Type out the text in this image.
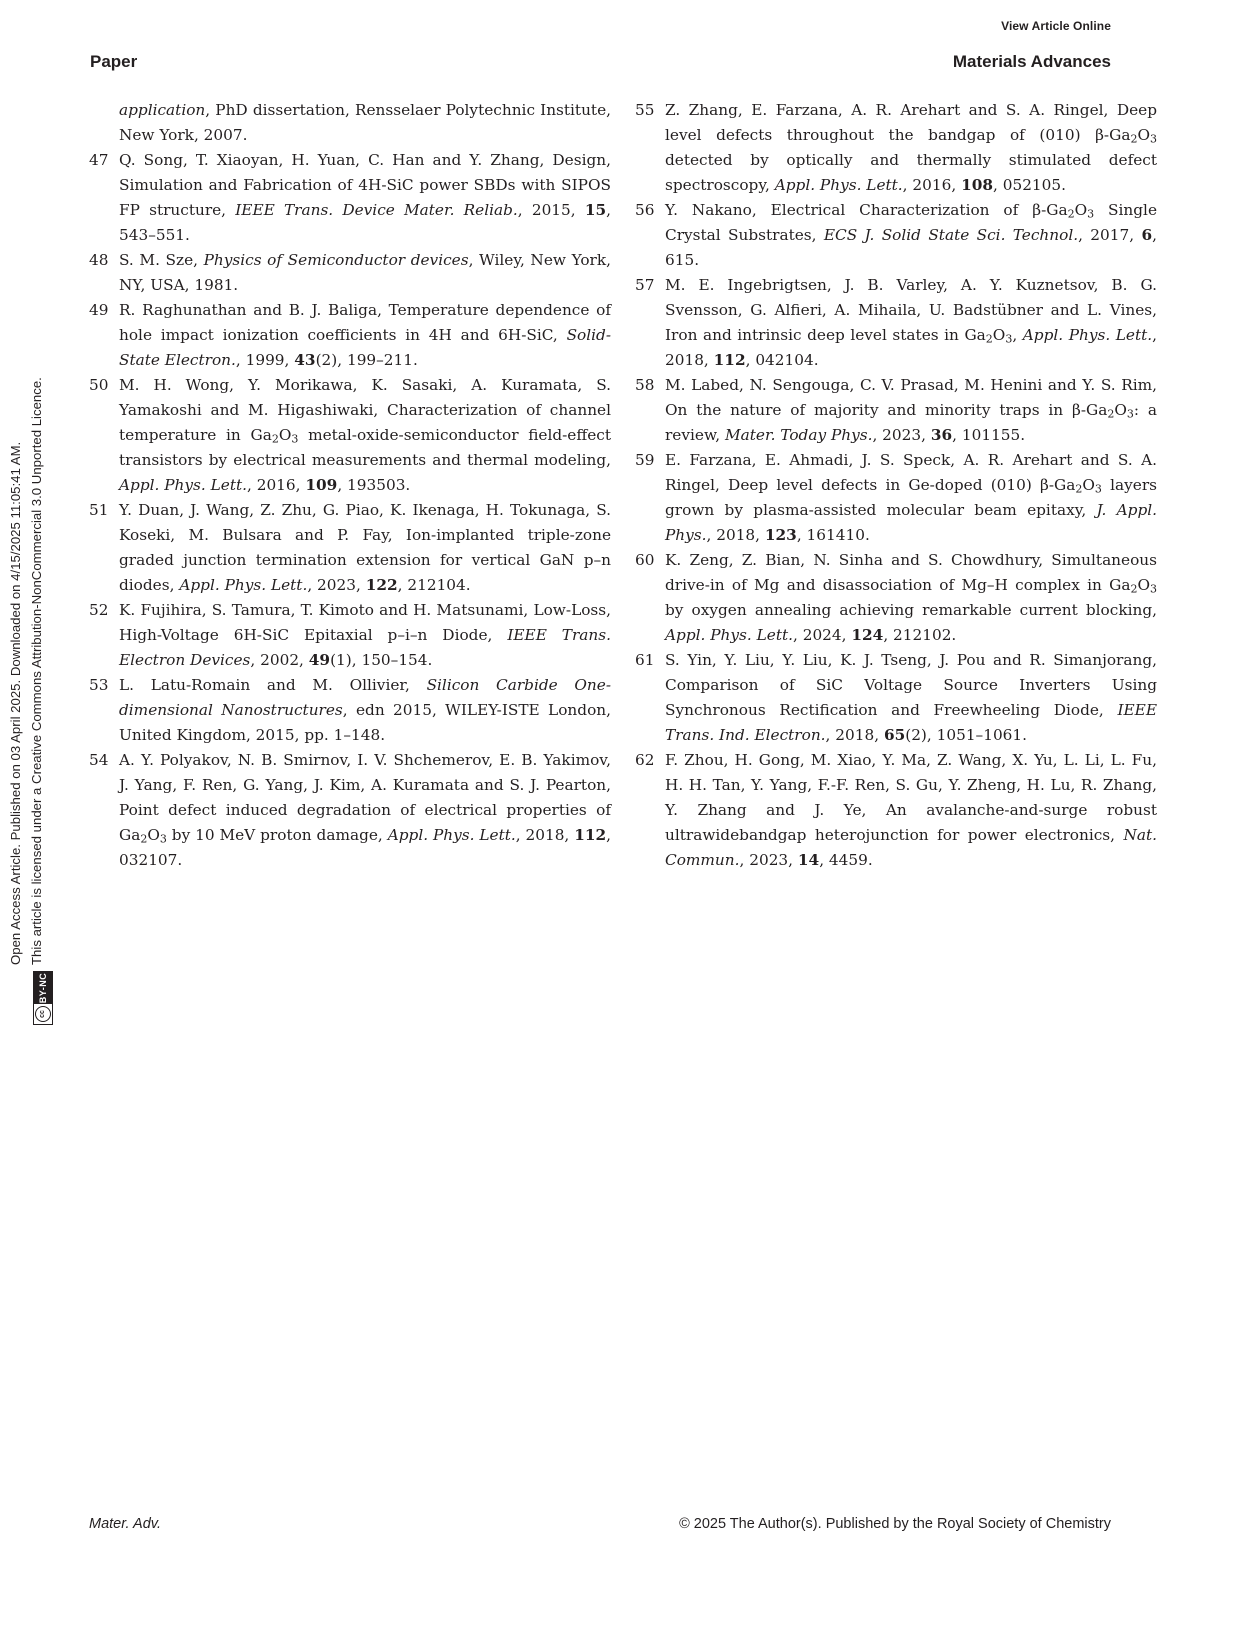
View Article Online
Paper	Materials Advances
cc
BY-NC
Open Access Article. Published on 03 April 2025. Downloaded on 4/15/2025 11:05:41 AM. This article is licensed under a Creative Commons Attribution-NonCommercial 3.0 Unported Licence.
application, PhD dissertation, Rensselaer Polytechnic Institute, New York, 2007.
47 Q. Song, T. Xiaoyan, H. Yuan, C. Han and Y. Zhang, Design, Simulation and Fabrication of 4H-SiC power SBDs with SIPOS FP structure, IEEE Trans. Device Mater. Reliab., 2015, 15, 543–551.
48 S. M. Sze, Physics of Semiconductor devices, Wiley, New York, NY, USA, 1981.
49 R. Raghunathan and B. J. Baliga, Temperature dependence of hole impact ionization coefficients in 4H and 6H-SiC, Solid-State Electron., 1999, 43(2), 199–211.
50 M. H. Wong, Y. Morikawa, K. Sasaki, A. Kuramata, S. Yamakoshi and M. Higashiwaki, Characterization of channel temperature in $Ga_2O_3$ metal-oxide-semiconductor field-effect transistors by electrical measurements and thermal modeling, Appl. Phys. Lett., 2016, 109, 193503.
51 Y. Duan, J. Wang, Z. Zhu, G. Piao, K. Ikenaga, H. Tokunaga, S. Koseki, M. Bulsara and P. Fay, Ion-implanted triple-zone graded junction termination extension for vertical GaN p–n diodes, Appl. Phys. Lett., 2023, 122, 212104.
52 K. Fujihira, S. Tamura, T. Kimoto and H. Matsunami, Low-Loss, High-Voltage 6H-SiC Epitaxial p–i–n Diode, IEEE Trans. Electron Devices, 2002, 49(1), 150–154.
53 L. Latu-Romain and M. Ollivier, Silicon Carbide One-dimensional Nanostructures, edn 2015, WILEY-ISTE London, United Kingdom, 2015, pp. 1–148.
54 A. Y. Polyakov, N. B. Smirnov, I. V. Shchemerov, E. B. Yakimov, J. Yang, F. Ren, G. Yang, J. Kim, A. Kuramata and S. J. Pearton, Point defect induced degradation of electrical properties of $Ga_2O_3$ by 10 MeV proton damage, Appl. Phys. Lett., 2018, 112, 032107.
55 Z. Zhang, E. Farzana, A. R. Arehart and S. A. Ringel, Deep level defects throughout the bandgap of (010) $\beta-Ga_2O_3$ detected by optically and thermally stimulated defect spectroscopy, Appl. Phys. Lett., 2016, 108, 052105.
56 Y. Nakano, Electrical Characterization of $\beta-Ga_2O_3$ Single Crystal Substrates, ECS J. Solid State Sci. Technol., 2017, 6, 615.
57 M. E. Ingebrigtsen, J. B. Varley, A. Y. Kuznetsov, B. G. Svensson, G. Alfieri, A. Mihaila, U. Badstübner and L. Vines, Iron and intrinsic deep level states in $Ga_2O_3$, Appl. Phys. Lett., 2018, 112, 042104.
58 M. Labed, N. Sengouga, C. V. Prasad, M. Henini and Y. S. Rim, On the nature of majority and minority traps in $\beta-Ga_2O_3$: a review, Mater. Today Phys., 2023, 36, 101155.
59 E. Farzana, E. Ahmadi, J. S. Speck, A. R. Arehart and S. A. Ringel, Deep level defects in Ge-doped (010) $\beta-Ga_2O_3$ layers grown by plasma-assisted molecular beam epitaxy, J. Appl. Phys., 2018, 123, 161410.
60 K. Zeng, Z. Bian, N. Sinha and S. Chowdhury, Simultaneous drive-in of Mg and disassociation of Mg–H complex in $Ga_2O_3$ by oxygen annealing achieving remarkable current blocking, Appl. Phys. Lett., 2024, 124, 212102.
61 S. Yin, Y. Liu, Y. Liu, K. J. Tseng, J. Pou and R. Simanjorang, Comparison of SiC Voltage Source Inverters Using Synchronous Rectification and Freewheeling Diode, IEEE Trans. Ind. Electron., 2018, 65(2), 1051–1061.
62 F. Zhou, H. Gong, M. Xiao, Y. Ma, Z. Wang, X. Yu, L. Li, L. Fu, H. H. Tan, Y. Yang, F.-F. Ren, S. Gu, Y. Zheng, H. Lu, R. Zhang, Y. Zhang and J. Ye, An avalanche-and-surge robust ultrawidebandgap heterojunction for power electronics, Nat. Commun., 2023, 14, 4459.
Mater. Adv.	© 2025 The Author(s). Published by the Royal Society of Chemistry
